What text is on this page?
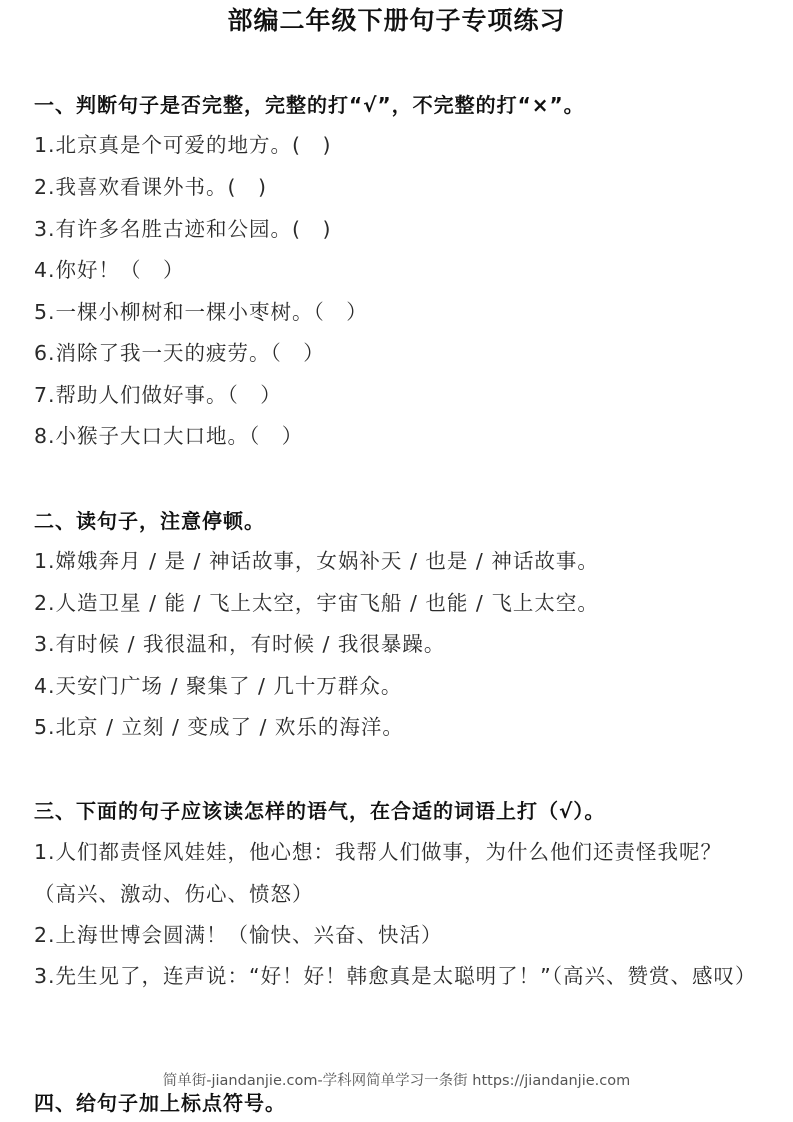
部编二年级下册句子专项练习
一、判断句子是否完整，完整的打“√”，不完整的打“×”。
1.北京真是个可爱的地方。(　)
2.我喜欢看课外书。(　)
3.有许多名胜古迹和公园。(　)
4.你好！（　）
5.一棵小柳树和一棵小枣树。（　）
6.消除了我一天的疲劳。（　）
7.帮助人们做好事。（　）
8.小猴子大口大口地。（　）
二、读句子，注意停顿。
1.嫦娥奔月 / 是 / 神话故事，女娲补天 / 也是 / 神话故事。
2.人造卫星 / 能 / 飞上太空，宇宙飞船 / 也能 / 飞上太空。
3.有时候 / 我很温和，有时候 / 我很暴躁。
4.天安门广场 / 聚集了 / 几十万群众。
5.北京 / 立刻 / 变成了 / 欢乐的海洋。
三、下面的句子应该读怎样的语气，在合适的词语上打（√）。
1.人们都责怪风娃娃，他心想：我帮人们做事，为什么他们还责怪我呢？（高兴、激动、伤心、愤怒）
2.上海世博会圆满！（愉快、兴奋、快活）
3.先生见了，连声说：“好！好！韩愈真是太聪明了！”（高兴、赞赏、感叹）
简单街-jiandanjie.com-学科网简单学习一条街 https://jiandanjie.com
四、给句子加上标点符号。
